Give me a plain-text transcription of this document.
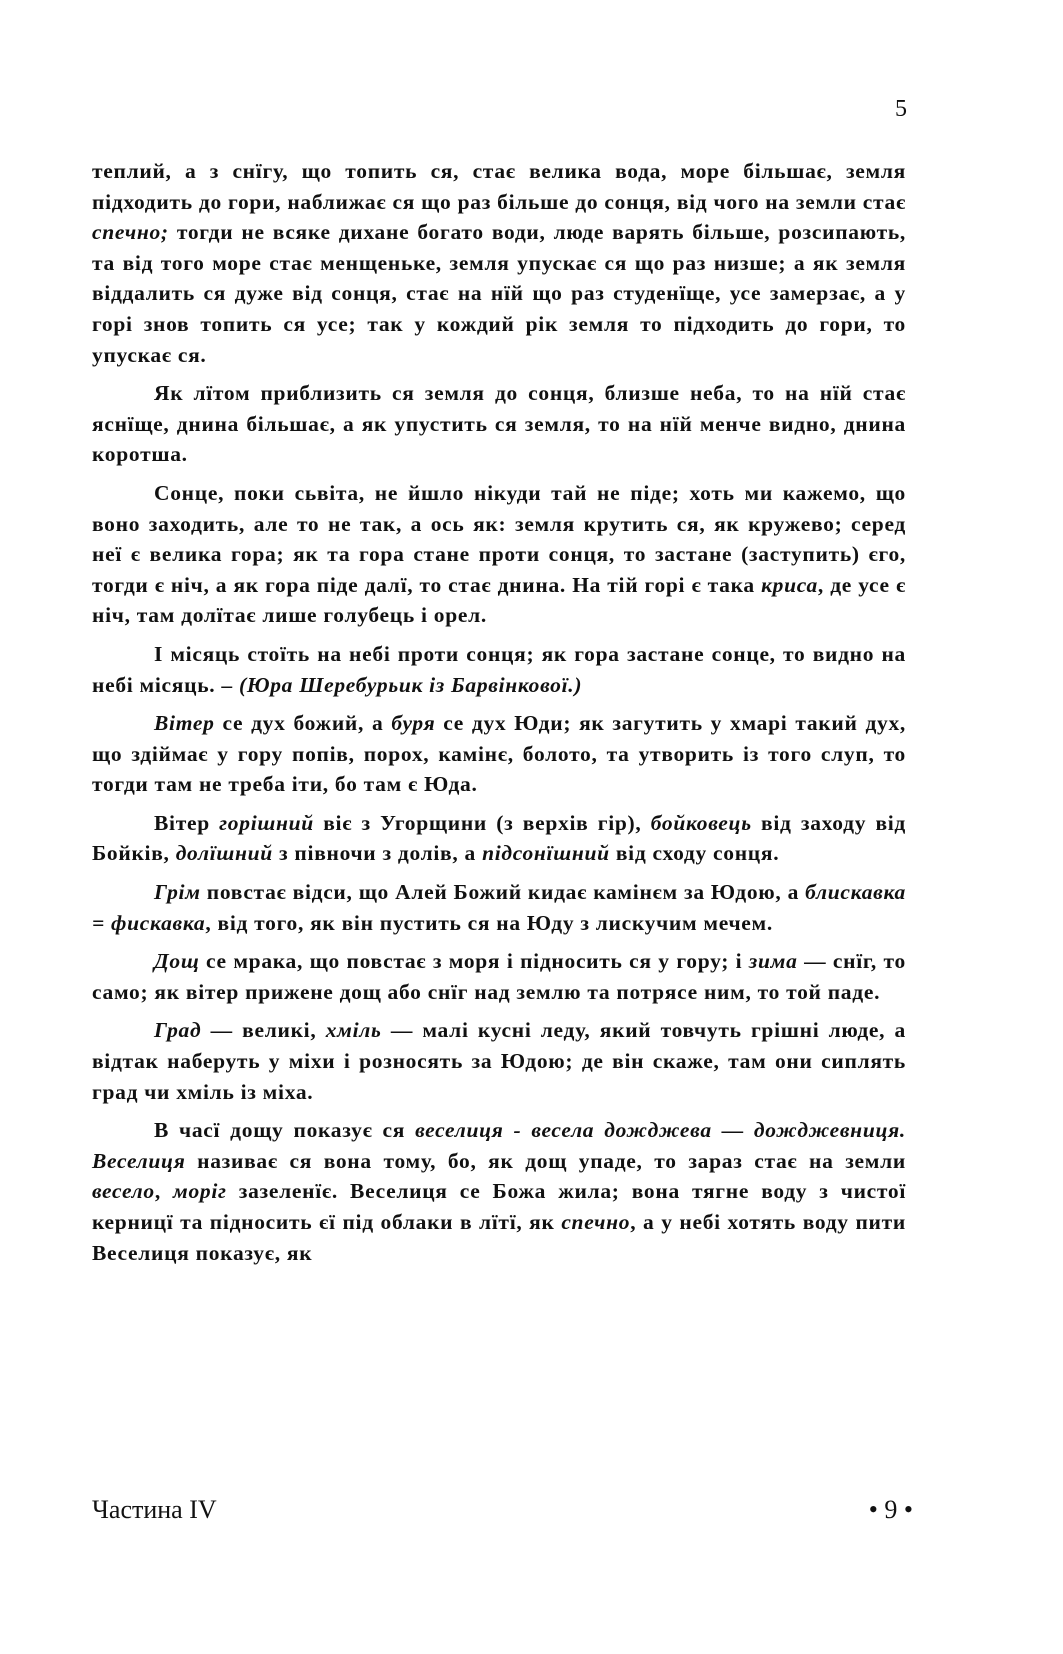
5

теплий, а з снїгу, що топить ся, стає велика вода, море більшає, земля підходить до гори, наближає ся що раз більше до сонця, від чого на земли стає спечно; тогди не всяке дихане богато води, люде варять більше, розсипають, та від того море стає менщеньке, земля упускає ся що раз низше; а як земля віддалить ся дуже від сонця, стає на нїй що раз студенїще, усе замерзає, а у горі знов топить ся усе; так у кождий рік земля то підходить до гори, то упускає ся.

Як лїтом приблизить ся земля до сонця, близше неба, то на нїй стає яснїще, днина більшає, а як упустить ся земля, то на нїй менче видно, днина коротша.

Сонце, поки сьвіта, не йшло нікуди тай не піде; хоть ми кажемо, що воно заходить, але то не так, а ось як: земля крутить ся, як кружево; серед неї є велика гора; як та гора стане проти сонця, то застане (заступить) єго, тогди є ніч, а як гора піде далї, то стає днина. На тій горі є така криса, де усе є ніч, там долїтає лише голубець і орел.

І місяць стоїть на небі проти сонця; як гора застане сонце, то видно на небі місяць. – (Юра Шеребурьик із Барвінкової.)

Вітер се дух божий, а буря се дух Юди; як загутить у хмарі такий дух, що здіймає у гору попів, порох, камінє, болото, та утворить із того слуп, то тогди там не треба іти, бо там є Юда.

Вітер горішний віє з Угорщини (з верхів гір), бойковець від заходу від Бойків, долїшний з півночи з долів, а підсонїшний від сходу сонця.

Грім повстає відси, що Алей Божий кидає камінєм за Юдою, а блискавка = фискавка, від того, як він пустить ся на Юду з лискучим мечем.

Дощ се мрака, що повстає з моря і підносить ся у гору; і зима — снїг, то само; як вітер приженe дощ або снїг над землю та потрясе ним, то той паде.

Град — великі, хміль — малі кусні леду, який товчуть грішні люде, а відтак наберуть у міхи і розносять за Юдою; де він скаже, там они сиплять град чи хміль із міха.

В часї дощу показує ся веселиця - весела дожджева — дожджевниця. Веселиця називає ся вона тому, бо, як дощ упаде, то зараз стає на земли весело, моріг зазеленїє. Веселиця се Божа жила; вона тягне воду з чистої керницї та підносить єї під облаки в лїтї, як спечно, а у небі хотять воду пити Веселиця показує, як

Частина IV	• 9 •
